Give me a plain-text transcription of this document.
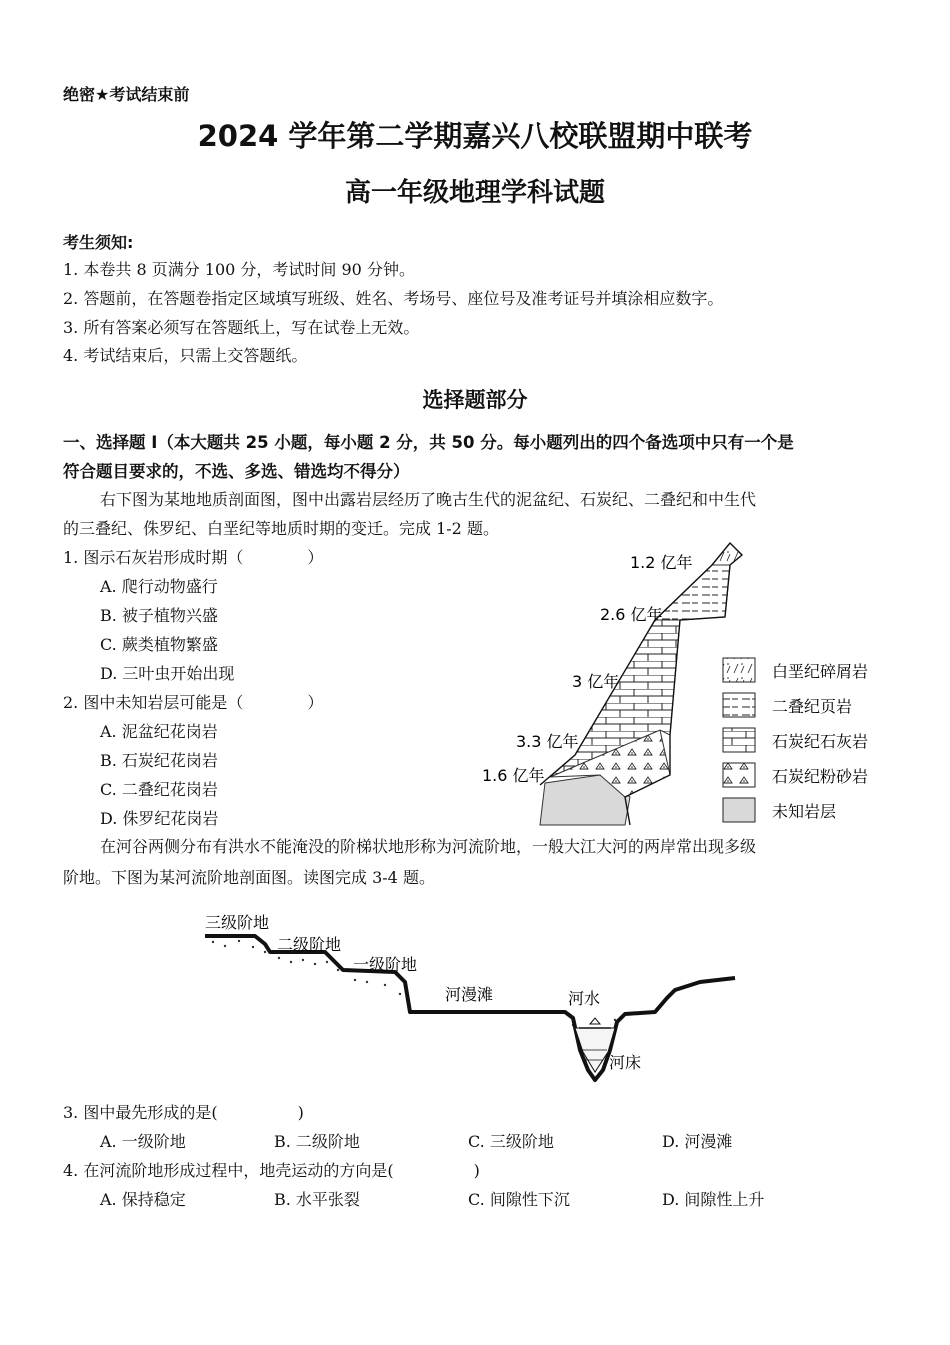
绝密★考试结束前
2024 学年第二学期嘉兴八校联盟期中联考
高一年级地理学科试题
考生须知:
1. 本卷共 8 页满分 100 分，考试时间 90 分钟。
2. 答题前，在答题卷指定区域填写班级、姓名、考场号、座位号及准考证号并填涂相应数字。
3. 所有答案必须写在答题纸上，写在试卷上无效。
4. 考试结束后，只需上交答题纸。
选择题部分
一、选择题 I（本大题共 25 小题，每小题 2 分，共 50 分。每小题列出的四个备选项中只有一个是
符合题目要求的，不选、多选、错选均不得分）
右下图为某地地质剖面图，图中出露岩层经历了晚古生代的泥盆纪、石炭纪、二叠纪和中生代
的三叠纪、侏罗纪、白垩纪等地质时期的变迁。完成 1-2 题。
1. 图示石灰岩形成时期（　　　　）
A. 爬行动物盛行
B. 被子植物兴盛
C. 蕨类植物繁盛
D. 三叶虫开始出现
2. 图中未知岩层可能是（　　　　）
A. 泥盆纪花岗岩
B. 石炭纪花岗岩
C. 二叠纪花岗岩
D. 侏罗纪花岗岩
1.2 亿年
2.6 亿年
3 亿年
3.3 亿年
1.6 亿年
白垩纪碎屑岩
二叠纪页岩
石炭纪石灰岩
石炭纪粉砂岩
未知岩层
在河谷两侧分布有洪水不能淹没的阶梯状地形称为河流阶地，一般大江大河的两岸常出现多级
阶地。下图为某河流阶地剖面图。读图完成 3-4 题。
三级阶地
二级阶地
一级阶地
河漫滩	河水
河床
3. 图中最先形成的是(　　　　　)
A. 一级阶地	B. 二级阶地	C. 三级阶地	D. 河漫滩
4. 在河流阶地形成过程中，地壳运动的方向是(　　　　　)
A. 保持稳定	B. 水平张裂	C. 间隙性下沉	D. 间隙性上升
